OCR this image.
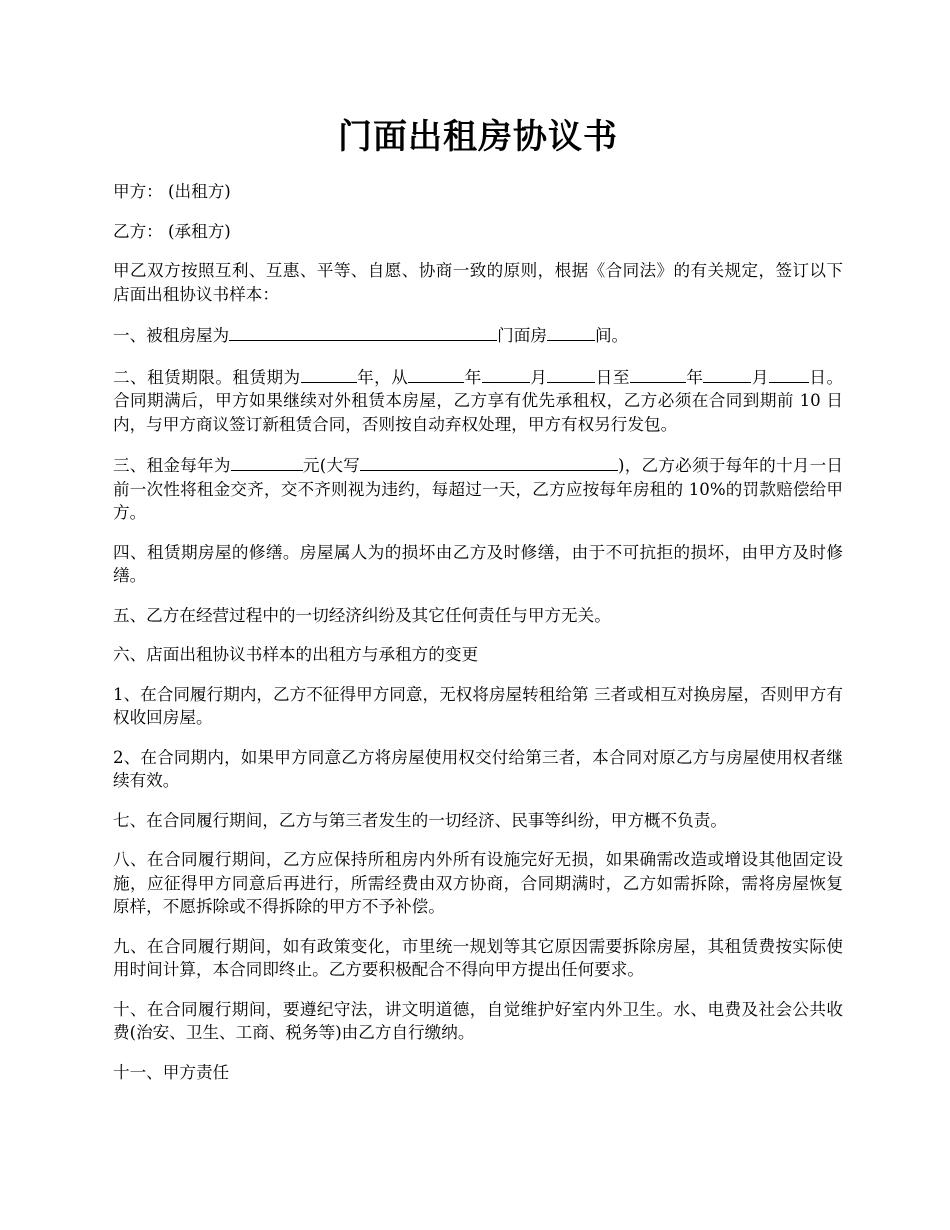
门面出租房协议书

甲方： (出租方)

乙方： (承租方)

甲乙双方按照互利、互惠、平等、自愿、协商一致的原则，根据《合同法》的有关规定，签订以下店面出租协议书样本：

一、被租房屋为	门面房	间。

二、租赁期限。租赁期为	年，从	年	月	日至	年	月 日。合同期满后，甲方如果继续对外租赁本房屋，乙方享有优先承租权，乙方必须在合同到期前 10 日内，与甲方商议签订新租赁合同，否则按自动弃权处理，甲方有权另行发包。

三、租金每年为	元(大写	)，乙方必须于每年的十月一日前一次性将租金交齐，交不齐则视为违约，每超过一天，乙方应按每年房租的 10%的罚款赔偿给甲方。

四、租赁期房屋的修缮。房屋属人为的损坏由乙方及时修缮，由于不可抗拒的损坏，由甲方及时修缮。

五、乙方在经营过程中的一切经济纠纷及其它任何责任与甲方无关。

六、店面出租协议书样本的出租方与承租方的变更

1、在合同履行期内，乙方不征得甲方同意，无权将房屋转租给第 三者或相互对换房屋，否则甲方有权收回房屋。

2、在合同期内，如果甲方同意乙方将房屋使用权交付给第三者，本合同对原乙方与房屋使用权者继续有效。

七、在合同履行期间，乙方与第三者发生的一切经济、民事等纠纷，甲方概不负责。

八、在合同履行期间，乙方应保持所租房内外所有设施完好无损，如果确需改造或增设其他固定设施，应征得甲方同意后再进行，所需经费由双方协商，合同期满时，乙方如需拆除，需将房屋恢复原样，不愿拆除或不得拆除的甲方不予补偿。

九、在合同履行期间，如有政策变化，市里统一规划等其它原因需要拆除房屋，其租赁费按实际使用时间计算，本合同即终止。乙方要积极配合不得向甲方提出任何要求。

十、在合同履行期间，要遵纪守法，讲文明道德，自觉维护好室内外卫生。水、电费及社会公共收费(治安、卫生、工商、税务等)由乙方自行缴纳。

十一、甲方责任
